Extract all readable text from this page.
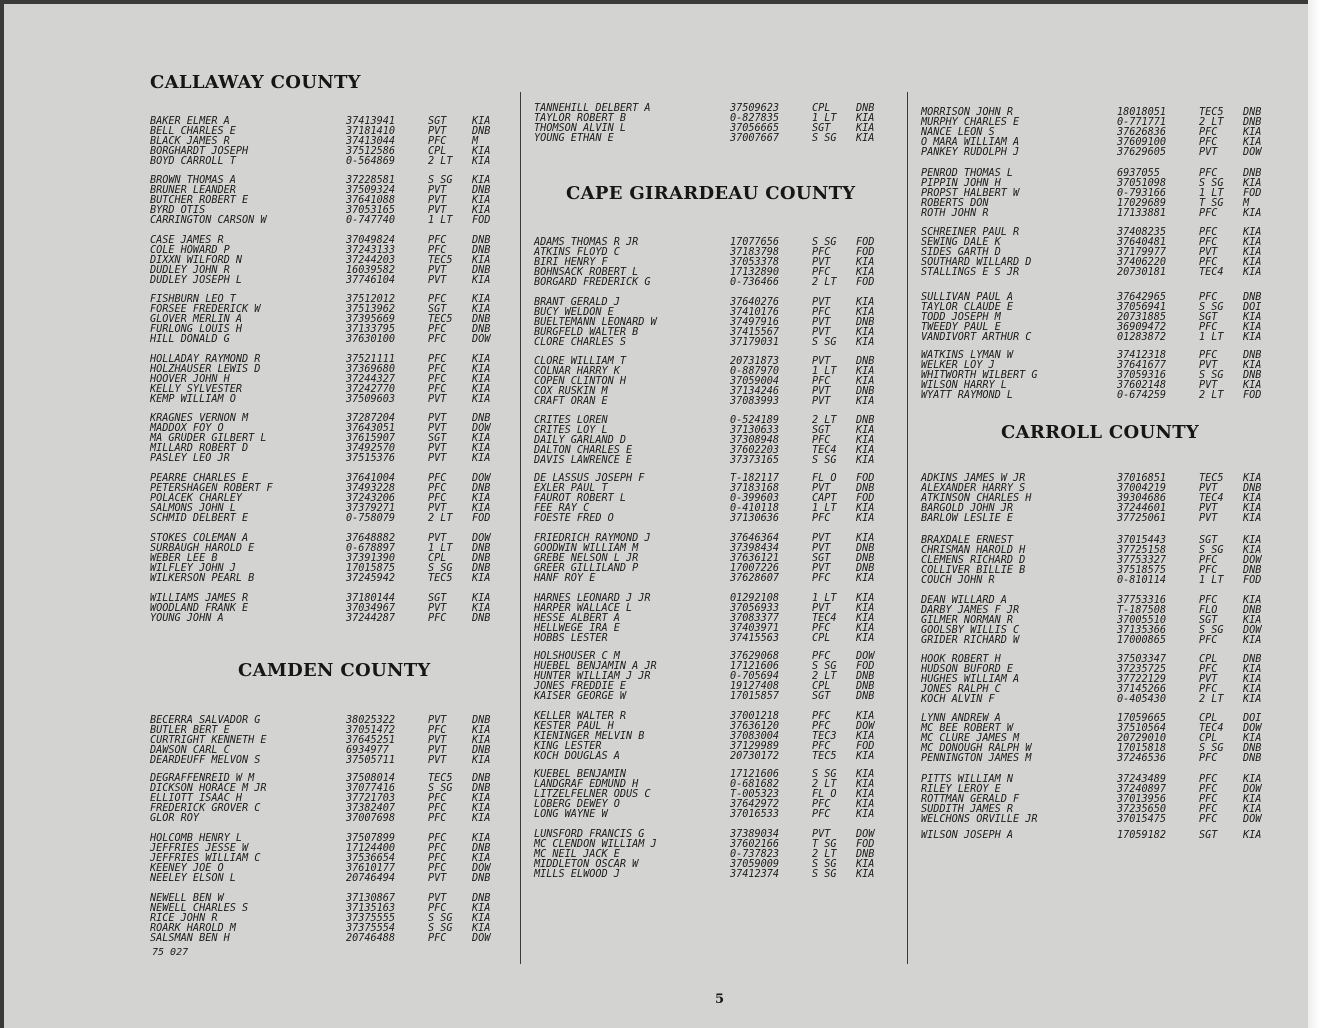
CALLAWAY COUNTY
BAKER ELMER A	37413941	SGT	KIA
BELL CHARLES E	37181410	PVT	DNB
BLACK JAMES R	37413044	PFC	M
BORGHARDT JOSEPH	37512586	CPL	KIA
BOYD CARROLL T	0-564869	2 LT KIA
BROWN THOMAS A	37228581	S SG KIA
BRUNER LEANDER	37509324	PVT	DNB
BUTCHER ROBERT E	37641088	PVT	KIA
BYRD OTIS	37053165	PVT	KIA
CARRINGTON CARSON W	0-747740	1 LT FOD
CASE JAMES R	37049824	PFC	DNB
COLE HOWARD P	37243133	PFC	DNB
DIXXN WILFORD N	37244203	TEC5 KIA
DUDLEY JOHN R	16039582	PVT	DNB
DUDLEY JOSEPH L	37746104	PVT	KIA
FISHBURN LEO T	37512012	PFC	KIA
FORSEE FREDERICK W	37513962	SGT	KIA
GLOVER MERLIN A	37395669	TEC5 DNB
FURLONG LOUIS H	37133795	PFC	DNB
HILL DONALD G	37630100	PFC	DOW
HOLLADAY RAYMOND R	37521111	PFC	KIA
HOLZHAUSER LEWIS D	37369680	PFC	KIA
HOOVER JOHN H	37244327	PFC	KIA
KELLY SYLVESTER	37242770	PFC	KIA
KEMP WILLIAM O	37509603	PVT	KIA
KRAGNES VERNON M	37287204	PVT	DNB
MADDOX FOY O	37643051	PVT	DOW
MA GRUDER GILBERT L	37615907	SGT	KIA
MILLARD ROBERT D	37492570	PVT	KIA
PASLEY LEO JR	37515376	PVT	KIA
PEARRE CHARLES E	37641004	PFC	DOW
PETERSHAGEN ROBERT F	37493228	PFC	DNB
POLACEK CHARLEY	37243206	PFC	KIA
SALMONS JOHN L	37379271	PVT	KIA
SCHMID DELBERT E	0-758079	2 LT FOD
STOKES COLEMAN A	37648882	PVT	DOW
SURBAUGH HAROLD E	0-678897	1 LT DNB
WEBER LEE B	37391390	CPL	DNB
WILFLEY JOHN J	17015875	S SG DNB
WILKERSON PEARL B	37245942	TEC5 KIA
WILLIAMS JAMES R	37180144	SGT	KIA
WOODLAND FRANK E	37034967	PVT	KIA
YOUNG JOHN A	37244287	PFC	DNB
CAMDEN COUNTY
BECERRA SALVADOR G	38025322	PVT	DNB
BUTLER BERT E	37051472	PFC	KIA
CURTRIGHT KENNETH E	37645251	PVT	KIA
DAWSON CARL C	6934977	PVT	DNB
DEARDEUFF MELVON S	37505711	PVT	KIA
DEGRAFFENREID W M	37508014	TEC5 DNB
DICKSON HORACE M JR	37077416	S SG DNB
ELLIOTT ISAAC H	37721703	PFC	KIA
FREDERICK GROVER C	37382407	PFC	KIA
GLOR ROY	37007698	PFC	KIA
HOLCOMB HENRY L	37507899	PFC	KIA
JEFFRIES JESSE W	17124400	PFC	DNB
JEFFRIES WILLIAM C	37536654	PFC	KIA
KEENEY JOE O	37610177	PFC	DOW
NEELEY ELSON L	20746494	PVT	DNB
NEWELL BEN W	37130867	PVT	DNB
NEWELL CHARLES S	37135163	PFC	KIA
RICE JOHN R	37375555	S SG KIA
ROARK HAROLD M	37375554	S SG KIA
SALSMAN BEN H	20746488	PFC	DOW
TANNEHILL DELBERT A	37509623	CPL	DNB
TAYLOR ROBERT B	0-827835	1 LT KIA
THOMSON ALVIN L	37056665	SGT	KIA
YOUNG ETHAN E	37007667	S SG KIA
CAPE GIRARDEAU COUNTY
ADAMS THOMAS R JR	17077656	S SG FOD
ATKINS FLOYD C	37183798	PFC	FOD
BIRI HENRY F	37053378	PVT	KIA
BOHNSACK ROBERT L	17132890	PFC	KIA
BORGARD FREDERICK G	0-736466	2 LT FOD
BRANT GERALD J	37640276	PVT	KIA
BUCY WELDON E	37410176	PFC	KIA
BUELTEMANN LEONARD W	37497916	PVT	DNB
BURGFELD WALTER B	37415567	PVT	KIA
CLORE CHARLES S	37179031	S SG KIA
CLORE WILLIAM T	20731873	PVT	DNB
COLNAR HARRY K	0-887970	1 LT KIA
COPEN CLINTON H	37059004	PFC	KIA
COX RUSKIN M	37134246	PVT	DNB
CRAFT ORAN E	37083993	PVT	KIA
CRITES LOREN	0-524189	2 LT DNB
CRITES LOY L	37130633	SGT	KIA
DAILY GARLAND D	37308948	PFC	KIA
DALTON CHARLES E	37602203	TEC4 KIA
DAVIS LAWRENCE E	37373165	S SG KIA
DE LASSUS JOSEPH F	T-182117	FL O FOD
EXLER PAUL T	37183168	PVT	DNB
FAUROT ROBERT L	0-399603	CAPT FOD
FEE RAY C	0-410118	1 LT KIA
FOESTE FRED O	37130636	PFC	KIA
FRIEDRICH RAYMOND J	37646364	PVT	KIA
GOODWIN WILLIAM M	37398434	PVT	DNB
GREBE NELSON L JR	37636121	SGT	DNB
GREER GILLILAND P	17007226	PVT	DNB
HANF ROY E	37628607	PFC	KIA
HARNES LEONARD J JR	01292108	1 LT KIA
HARPER WALLACE L	37056933	PVT	KIA
HESSE ALBERT A	37083377	TEC4 KIA
HELLWEGE IRA E	37403971	PFC	KIA
HOBBS LESTER	37415563	CPL	KIA
HOLSHOUSER C M	37629068	PFC	DOW
HUEBEL BENJAMIN A JR	17121606	S SG FOD
HUNTER WILLIAM J JR	0-705694	2 LT DNB
JONES FREDDIE E	19127408	CPL	DNB
KAISER GEORGE W	17015857	SGT	DNB
KELLER WALTER R	37001218	PFC	KIA
KESTER PAUL H	37636120	PFC	DOW
KIENINGER MELVIN B	37083004	TEC3 KIA
KING LESTER	37129989	PFC	FOD
KOCH DOUGLAS A	20730172	TEC5 KIA
KUEBEL BENJAMIN	17121606	S SG KIA
LANDGRAF EDMUND H	0-681682	2 LT KIA
LITZELFELNER ODUS C	T-005323	FL O KIA
LOBERG DEWEY O	37642972	PFC	KIA
LONG WAYNE W	37016533	PFC	KIA
LUNSFORD FRANCIS G	37389034	PVT	DOW
MC CLENDON WILLIAM J	37602166	T SG FOD
MC NEIL JACK E	0-737823	2 LT DNB
MIDDLETON OSCAR W	37059009	S SG KIA
MILLS ELWOOD J	37412374	S SG KIA
MORRISON JOHN R	18018051	TEC5 DNB
MURPHY CHARLES E	0-771771	2 LT DNB
NANCE LEON S	37626836	PFC	KIA
O MARA WILLIAM A	37609100	PFC	KIA
PANKEY RUDOLPH J	37629605	PVT	DOW
PENROD THOMAS L	6937055	PFC	DNB
PIPPIN JOHN H	37051098	S SG KIA
PROPST HALBERT W	0-793166	1 LT FOD
ROBERTS DON	17029689	T SG M
ROTH JOHN R	17133881	PFC	KIA
SCHREINER PAUL R	37408235	PFC	KIA
SEWING DALE K	37640481	PFC	KIA
SIDES GARTH D	37179977	PVT	KIA
SOUTHARD WILLARD D	37406220	PFC	KIA
STALLINGS E S JR	20730181	TEC4 KIA
SULLIVAN PAUL A	37642965	PFC	DNB
TAYLOR CLAUDE E	37056941	S SG DOI
TODD JOSEPH M	20731885	SGT	KIA
TWEEDY PAUL E	36909472	PFC	KIA
VANDIVORT ARTHUR C	01283872	1 LT KIA
WATKINS LYMAN W	37412318	PFC	DNB
WELKER LOY J	37641677	PVT	KIA
WHITWORTH WILBERT G	37059316	S SG DNB
WILSON HARRY L	37602148	PVT	KIA
WYATT RAYMOND L	0-674259	2 LT FOD
CARROLL COUNTY
ADKINS JAMES W JR	37016851	TEC5 KIA
ALEXANDER HARRY S	37004219	PVT	DNB
ATKINSON CHARLES H	39304686	TEC4 KIA
BARGOLD JOHN JR	37244601	PVT	KIA
BARLOW LESLIE E	37725061	PVT	KIA
BRAXDALE ERNEST	37015443	SGT	KIA
CHRISMAN HAROLD H	37725158	S SG KIA
CLEMENS RICHARD D	37753327	PFC	DOW
COLLIVER BILLIE B	37518575	PFC	DNB
COUCH JOHN R	0-810114	1 LT FOD
DEAN WILLARD A	37753316	PFC	KIA
DARBY JAMES F JR	T-187508	FLO	DNB
GILMER NORMAN R	37005510	SGT	KIA
GOOLSBY WILLIS C	37135366	S SG DOW
GRIDER RICHARD W	17000865	PFC	KIA
HOOK ROBERT H	37503347	CPL	DNB
HUDSON BUFORD E	37235725	PFC	KIA
HUGHES WILLIAM A	37722129	PVT	KIA
JONES RALPH C	37145266	PFC	KIA
KOCH ALVIN F	0-405430	2 LT KIA
LYNN ANDREW A	17059665	CPL	DOI
MC BEE ROBERT W	37510564	TEC4 DOW
MC CLURE JAMES M	20729010	CPL	KIA
MC DONOUGH RALPH W	17015818	S SG DNB
PENNINGTON JAMES M	37246536	PFC	DNB
PITTS WILLIAM N	37243489	PFC	KIA
RILEY LEROY E	37240897	PFC	DOW
ROTTMAN GERALD F	37013956	PFC	KIA
SUDDITH JAMES R	37235650	PFC	KIA
WELCHONS ORVILLE JR	37015475	PFC	DOW
WILSON JOSEPH A	17059182	SGT	KIA
75 027
5
